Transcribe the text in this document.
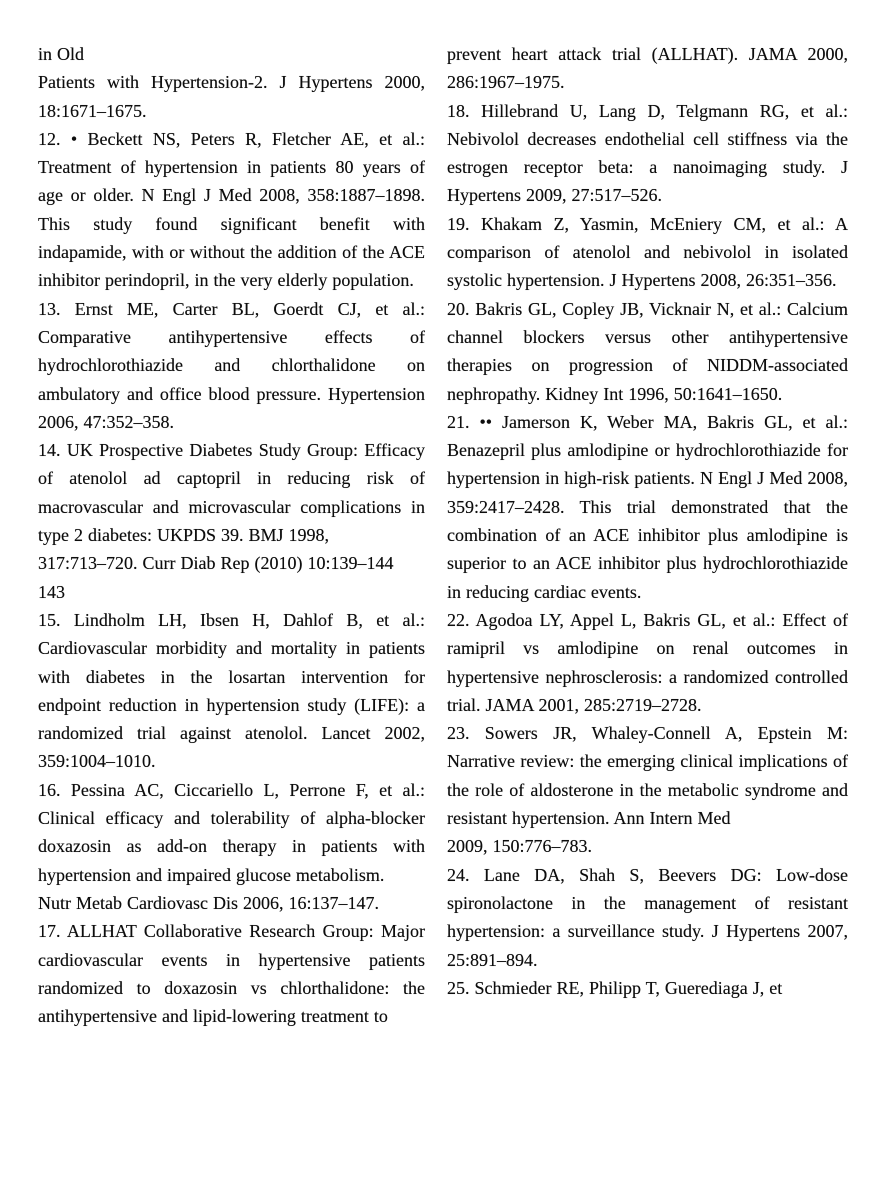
in Old

Patients with Hypertension-2. J Hypertens 2000, 18:1671–1675.

12. • Beckett NS, Peters R, Fletcher AE, et al.: Treatment of hypertension in patients 80 years of age or older. N Engl J Med 2008, 358:1887–1898. This study found significant benefit with indapamide, with or without the addition of the ACE inhibitor perindopril, in the very elderly population.

13. Ernst ME, Carter BL, Goerdt CJ, et al.: Comparative antihypertensive effects of hydrochlorothiazide and chlorthalidone on ambulatory and office blood pressure. Hypertension 2006, 47:352–358.

14. UK Prospective Diabetes Study Group: Efficacy of atenolol ad captopril in reducing risk of macrovascular and microvascular complications in type 2 diabetes: UKPDS 39. BMJ 1998,

317:713–720. Curr Diab Rep (2010) 10:139–144

143

15. Lindholm LH, Ibsen H, Dahlof B, et al.: Cardiovascular morbidity and mortality in patients with diabetes in the losartan intervention for endpoint reduction in hypertension study (LIFE): a randomized trial against atenolol. Lancet 2002, 359:1004–1010.

16. Pessina AC, Ciccariello L, Perrone F, et al.: Clinical efficacy and tolerability of alpha-blocker doxazosin as add-on therapy in patients with hypertension and impaired glucose metabolism.

Nutr Metab Cardiovasc Dis 2006, 16:137–147.

17. ALLHAT Collaborative Research Group: Major cardiovascular events in hypertensive patients randomized to doxazosin vs chlorthalidone: the antihypertensive and lipid-lowering treatment to

prevent heart attack trial (ALLHAT). JAMA 2000, 286:1967–1975.

18. Hillebrand U, Lang D, Telgmann RG, et al.: Nebivolol decreases endothelial cell stiffness via the estrogen receptor beta: a nanoimaging study. J Hypertens 2009, 27:517–526.

19. Khakam Z, Yasmin, McEniery CM, et al.: A comparison of atenolol and nebivolol in isolated systolic hypertension. J Hypertens 2008, 26:351–356.

20. Bakris GL, Copley JB, Vicknair N, et al.: Calcium channel blockers versus other antihypertensive therapies on progression of NIDDM-associated nephropathy. Kidney Int 1996, 50:1641–1650.

21. •• Jamerson K, Weber MA, Bakris GL, et al.: Benazepril plus amlodipine or hydrochlorothiazide for hypertension in high-risk patients. N Engl J Med 2008, 359:2417–2428. This trial demonstrated that the combination of an ACE inhibitor plus amlodipine is superior to an ACE inhibitor plus hydrochlorothiazide in reducing cardiac events.

22. Agodoa LY, Appel L, Bakris GL, et al.: Effect of ramipril vs amlodipine on renal outcomes in hypertensive nephrosclerosis: a randomized controlled trial. JAMA 2001, 285:2719–2728.

23. Sowers JR, Whaley-Connell A, Epstein M: Narrative review: the emerging clinical implications of the role of aldosterone in the metabolic syndrome and resistant hypertension. Ann Intern Med

2009, 150:776–783.

24. Lane DA, Shah S, Beevers DG: Low-dose spironolactone in the management of resistant hypertension: a surveillance study. J Hypertens 2007, 25:891–894.

25. Schmieder RE, Philipp T, Guerediaga J, et
